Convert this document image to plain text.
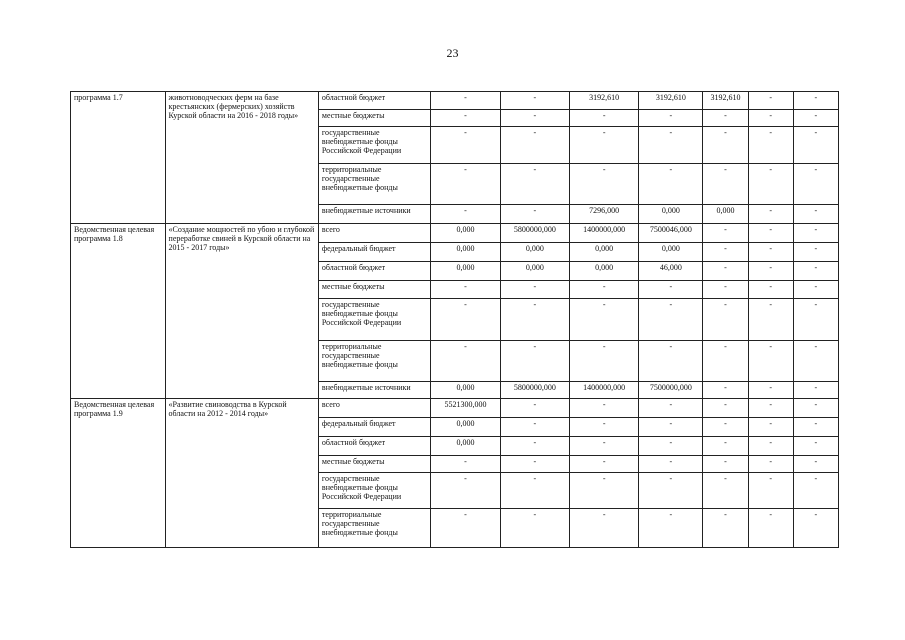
23
программа 1.7	животноводческих ферм на базе крестьянских (фермерских) хозяйств Курской области на 2016 - 2018 годы»	областной бюджет	-	-	3192,610	3192,610	3192,610	-	-
		местные бюджеты	-	-	-	-	-	-	-
		государственные внебюджетные фонды Российской Федерации	-	-	-	-	-	-	-
		территориальные государственные внебюджетные фонды	-	-	-	-	-	-	-
		внебюджетные источники	-	-	7296,000	0,000	0,000	-	-
Ведомственная целевая программа 1.8	«Создание мощностей по убою и глубокой переработке свиней в Курской области на 2015 - 2017 годы»	всего	0,000	5800000,000	1400000,000	7500046,000	-	-	-
		федеральный бюджет	0,000	0,000	0,000	0,000	-	-	-
		областной бюджет	0,000	0,000	0,000	46,000	-	-	-
		местные бюджеты	-	-	-	-	-	-	-
		государственные внебюджетные фонды Российской Федерации	-	-	-	-	-	-	-
		территориальные государственные внебюджетные фонды	-	-	-	-	-	-	-
		внебюджетные источники	0,000	5800000,000	1400000,000	7500000,000	-	-	-
Ведомственная целевая программа 1.9	«Развитие свиноводства в Курской области на 2012 - 2014 годы»	всего	5521300,000	-	-	-	-	-	-
		федеральный бюджет	0,000	-	-	-	-	-	-
		областной бюджет	0,000	-	-	-	-	-	-
		местные бюджеты	-	-	-	-	-	-	-
		государственные внебюджетные фонды Российской Федерации	-	-	-	-	-	-	-
		территориальные государственные внебюджетные фонды	-	-	-	-	-	-	-
